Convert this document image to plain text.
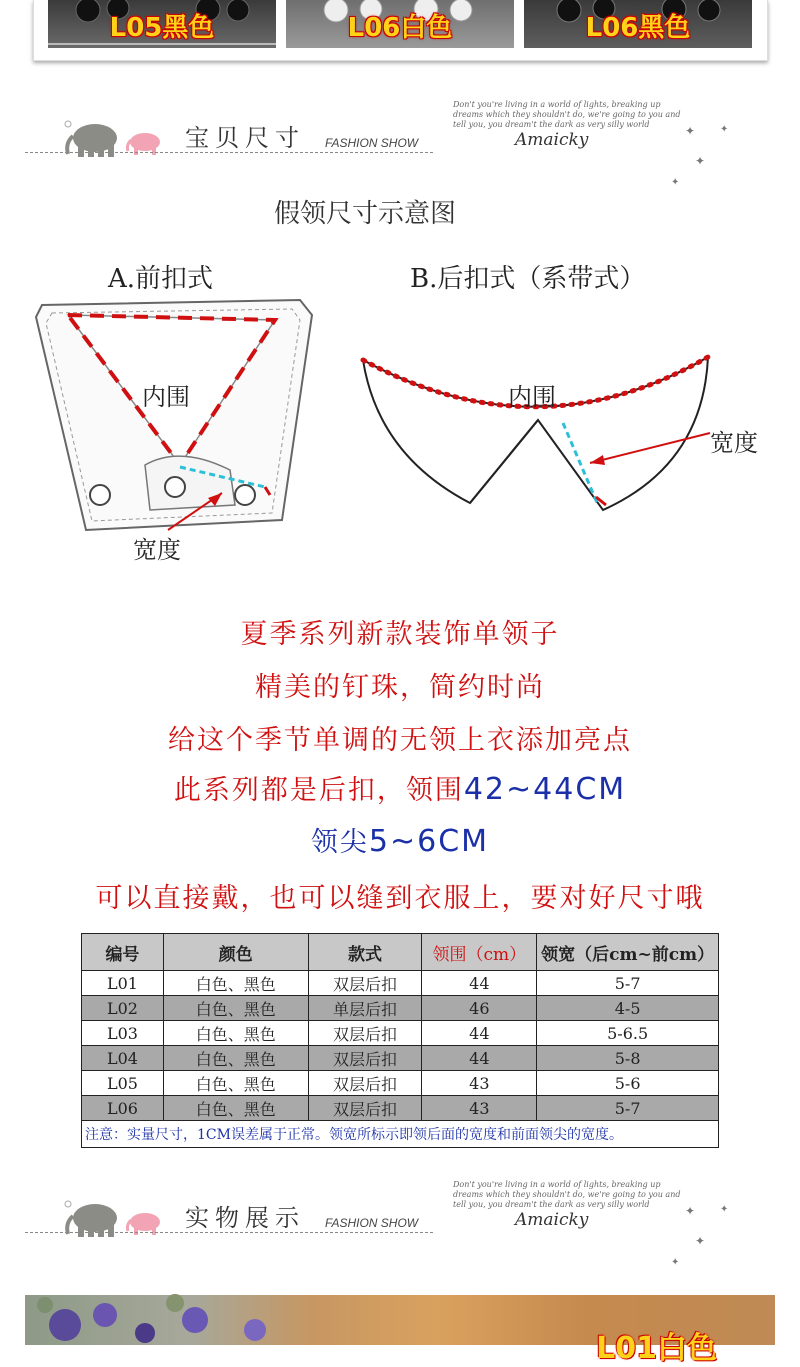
L05黑色	L06白色	L06黑色
宝贝尺寸 FASHION SHOW
Don't you're living in a world of lights, breaking up dreams which they shouldn't do, we're going to you and tell you, you dream't the dark as very silly world
Amaicky	✦ ✦
✦
✦
假领尺寸示意图
A.前扣式	B.后扣式（系带式）
内围
宽度
内围
宽度
夏季系列新款装饰单领子
精美的钉珠，简约时尚
给这个季节单调的无领上衣添加亮点
此系列都是后扣，领围42~44CM
领尖5~6CM
可以直接戴，也可以缝到衣服上，要对好尺寸哦
编号	颜色	款式	领围（cm）	领宽（后cm~前cm）
L01	白色、黑色	双层后扣	44	5-7
L02	白色、黑色	单层后扣	46	4-5
L03	白色、黑色	双层后扣	44	5-6.5
L04	白色、黑色	双层后扣	44	5-8
L05	白色、黑色	双层后扣	43	5-6
L06	白色、黑色	双层后扣	43	5-7
注意：实量尺寸，1CM误差属于正常。领宽所标示即领后面的宽度和前面领尖的宽度。				
实物展示 FASHION SHOW
Don't you're living in a world of lights, breaking up dreams which they shouldn't do, we're going to you and tell you, you dream't the dark as very silly world
Amaicky	✦ ✦
✦
✦
L01白色
